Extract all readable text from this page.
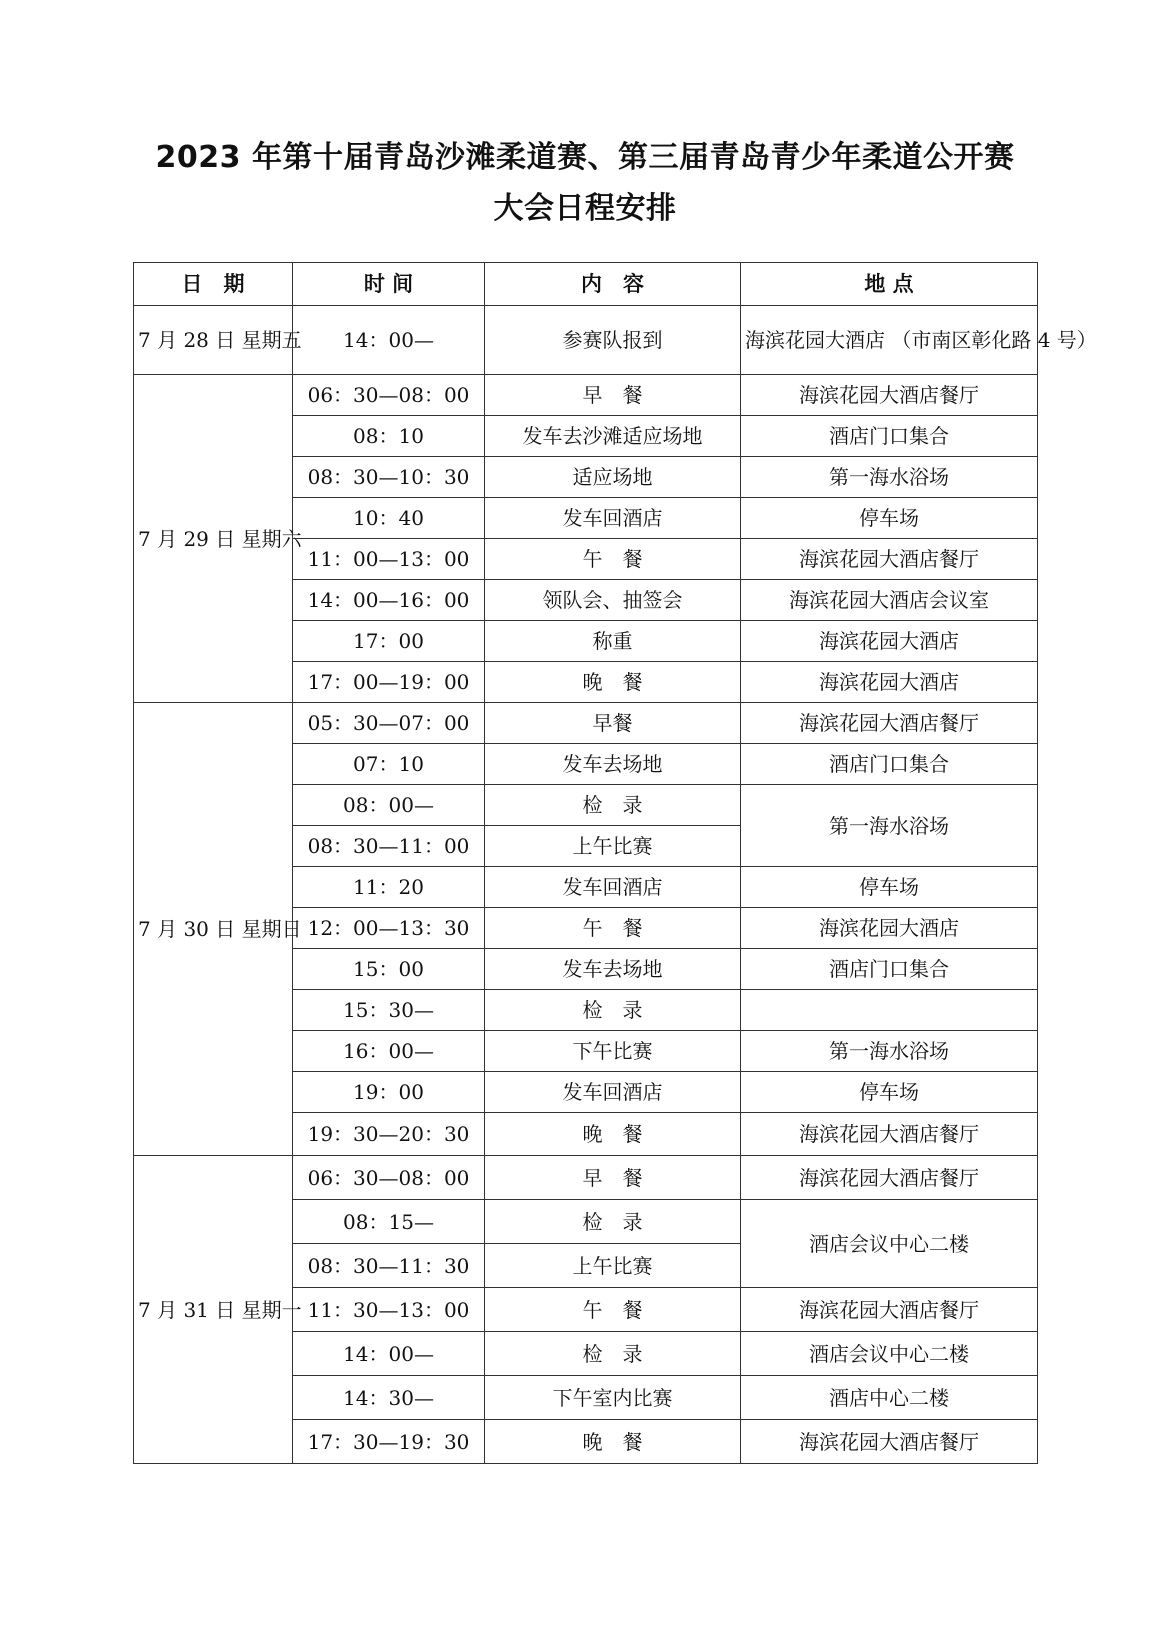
2023 年第十届青岛沙滩柔道赛、第三届青岛青少年柔道公开赛
大会日程安排
日　期	时 间	内　容	地 点
7 月 28 日 星期五	14：00—	参赛队报到	海滨花园大酒店 （市南区彰化路 4 号）
7 月 29 日 星期六	06：30—08：00	早　餐	海滨花园大酒店餐厅
	08：10	发车去沙滩适应场地	酒店门口集合
	08：30—10：30	适应场地	第一海水浴场
	10：40	发车回酒店	停车场
	11：00—13：00	午　餐	海滨花园大酒店餐厅
	14：00—16：00	领队会、抽签会	海滨花园大酒店会议室
	17：00	称重	海滨花园大酒店
	17：00—19：00	晚　餐	海滨花园大酒店
7 月 30 日 星期日	05：30—07：00	早餐	海滨花园大酒店餐厅
	07：10	发车去场地	酒店门口集合
	08：00—	检　录	第一海水浴场
	08：30—11：00	上午比赛	
	11：20	发车回酒店	停车场
	12：00—13：30	午　餐	海滨花园大酒店
	15：00	发车去场地	酒店门口集合
	15：30—	检　录	
	16：00—	下午比赛	第一海水浴场
	19：00	发车回酒店	停车场
	19：30—20：30	晚　餐	海滨花园大酒店餐厅
7 月 31 日 星期一	06：30—08：00	早　餐	海滨花园大酒店餐厅
	08：15—	检　录	酒店会议中心二楼
	08：30—11：30	上午比赛	
	11：30—13：00	午　餐	海滨花园大酒店餐厅
	14：00—	检　录	酒店会议中心二楼
	14：30—	下午室内比赛	酒店中心二楼
	17：30—19：30	晚　餐	海滨花园大酒店餐厅
